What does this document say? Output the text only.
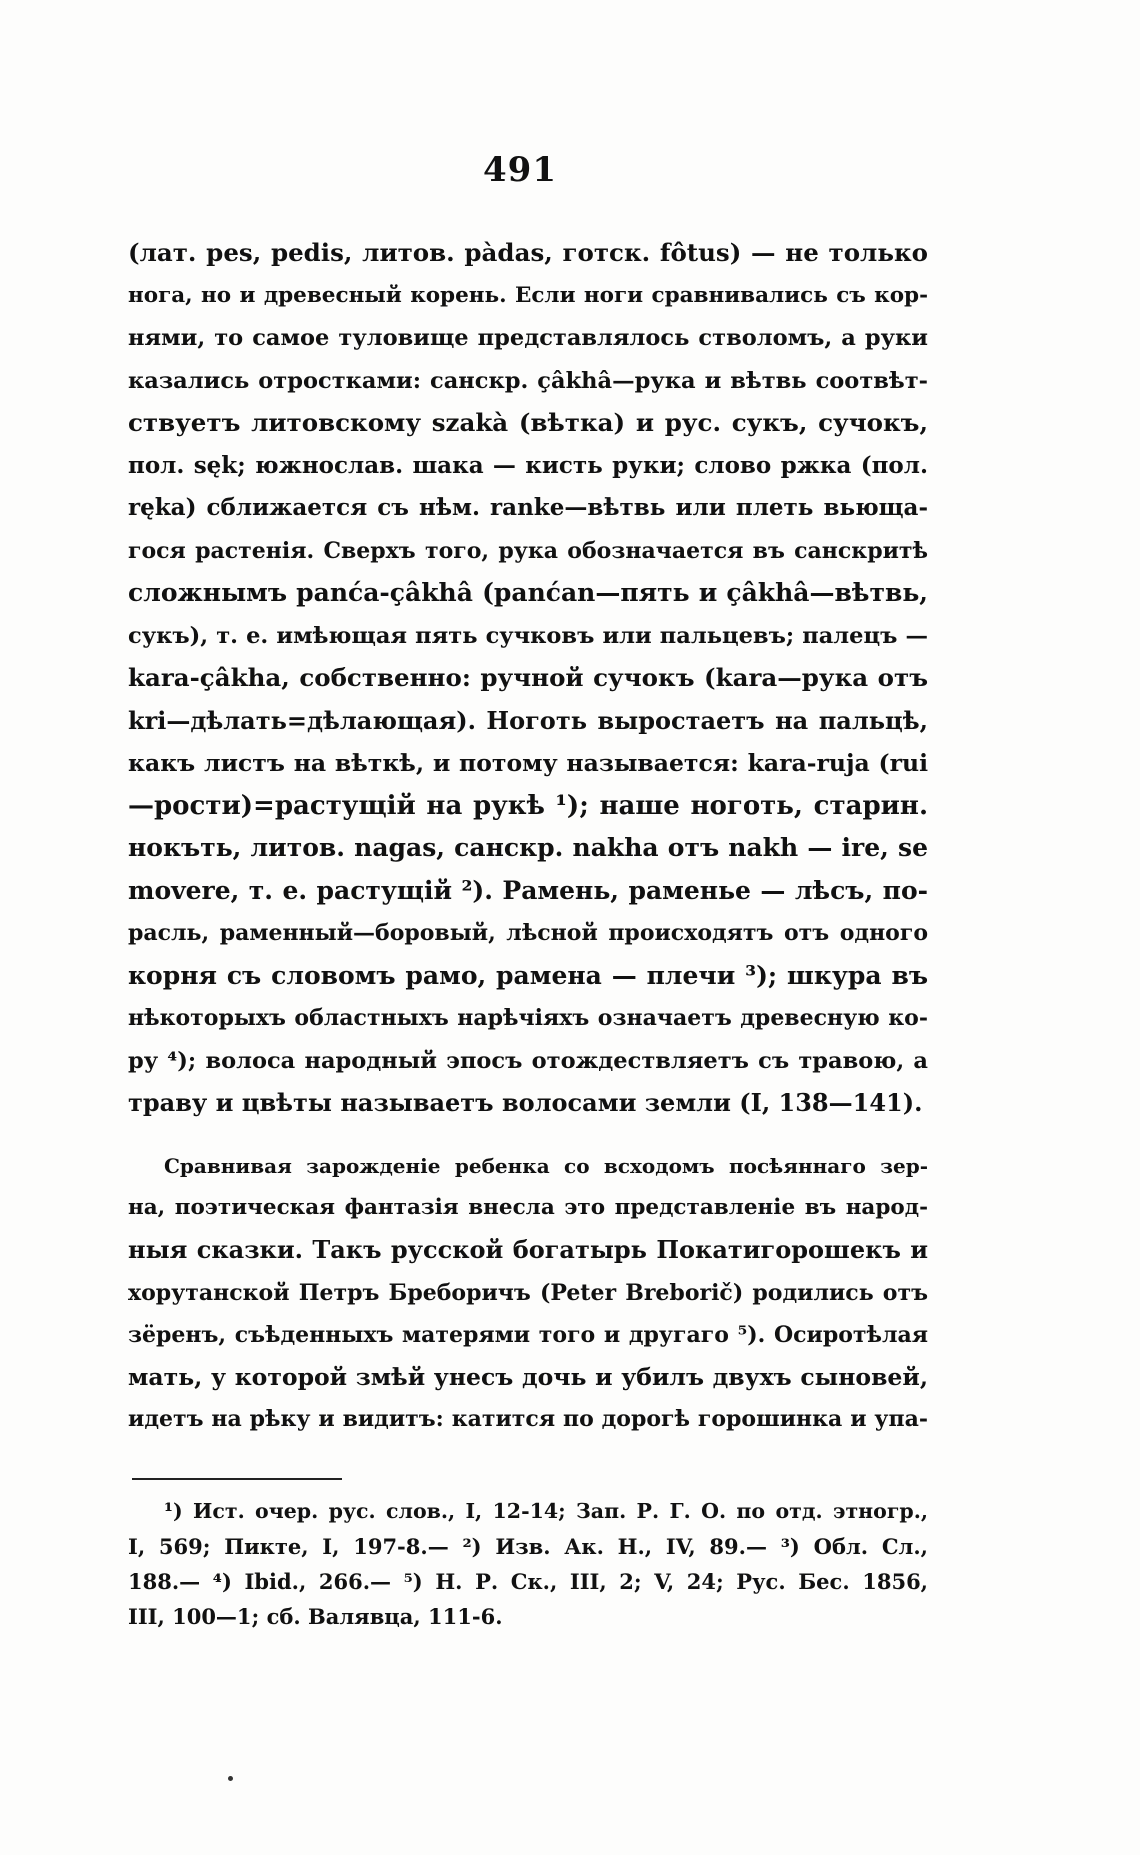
491
(лат. pes, pedis, литов. pàdas, готск. fôtus) — не только
нога, но и древесный корень. Если ноги сравнивались съ кор-
нями, то самое туловище представлялось стволомъ, а руки
казались отростками: санскр. çâkhâ—рука и вѣтвь соотвѣт-
ствуетъ литовскому szakà (вѣтка) и рус. сукъ, сучокъ,
пол. sęk; южнослав. шака — кисть руки; слово ржка (пол.
ręka) сближается съ нѣм. ranke—вѣтвь или плеть вьюща-
гося растенія. Сверхъ того, рука обозначается въ санскритѣ
сложнымъ panća-çâkhâ (panćan—пять и çâkhâ—вѣтвь,
сукъ), т. е. имѣющая пять сучковъ или пальцевъ; палецъ —
kara-çâkha, собственно: ручной сучокъ (kara—рука отъ
kri—дѣлать=дѣлающая). Ноготь выростаетъ на пальцѣ,
какъ листъ на вѣткѣ, и потому называется: kara-ruja (rui
—рости)=растущій на рукѣ ¹); наше ноготь, старин.
нокъть, литов. nagas, санскр. nakha отъ nakh — ire, se
movere, т. е. растущій ²). Рамень, раменье — лѣсъ, по-
расль, раменный—боровый, лѣсной происходятъ отъ одного
корня съ словомъ рамо, рамена — плечи ³); шкура въ
нѣкоторыхъ областныхъ нарѣчіяхъ означаетъ древесную ко-
ру ⁴); волоса народный эпосъ отождествляетъ съ травою, а
траву и цвѣты называетъ волосами земли (I, 138—141).
Сравнивая зарожденіе ребенка со всходомъ посѣяннаго зер-
на, поэтическая фантазія внесла это представленіе въ народ-
ныя сказки. Такъ русской богатырь Покатигорошекъ и
хорутанской Петръ Бреборичъ (Peter Breborič) родились отъ
зёренъ, съѣденныхъ матерями того и другаго ⁵). Осиротѣлая
мать, у которой змѣй унесъ дочь и убилъ двухъ сыновей,
идетъ на рѣку и видитъ: катится по дорогѣ горошинка и упа-
¹) Ист. очер. рус. слов., I, 12-14; Зап. Р. Г. О. по отд. этногр.,
I, 569; Пикте, I, 197-8.— ²) Изв. Ак. Н., IV, 89.— ³) Обл. Сл.,
188.— ⁴) Ibid., 266.— ⁵) Н. Р. Ск., III, 2; V, 24; Рус. Бес. 1856,
III, 100—1; сб. Валявца, 111-6.
